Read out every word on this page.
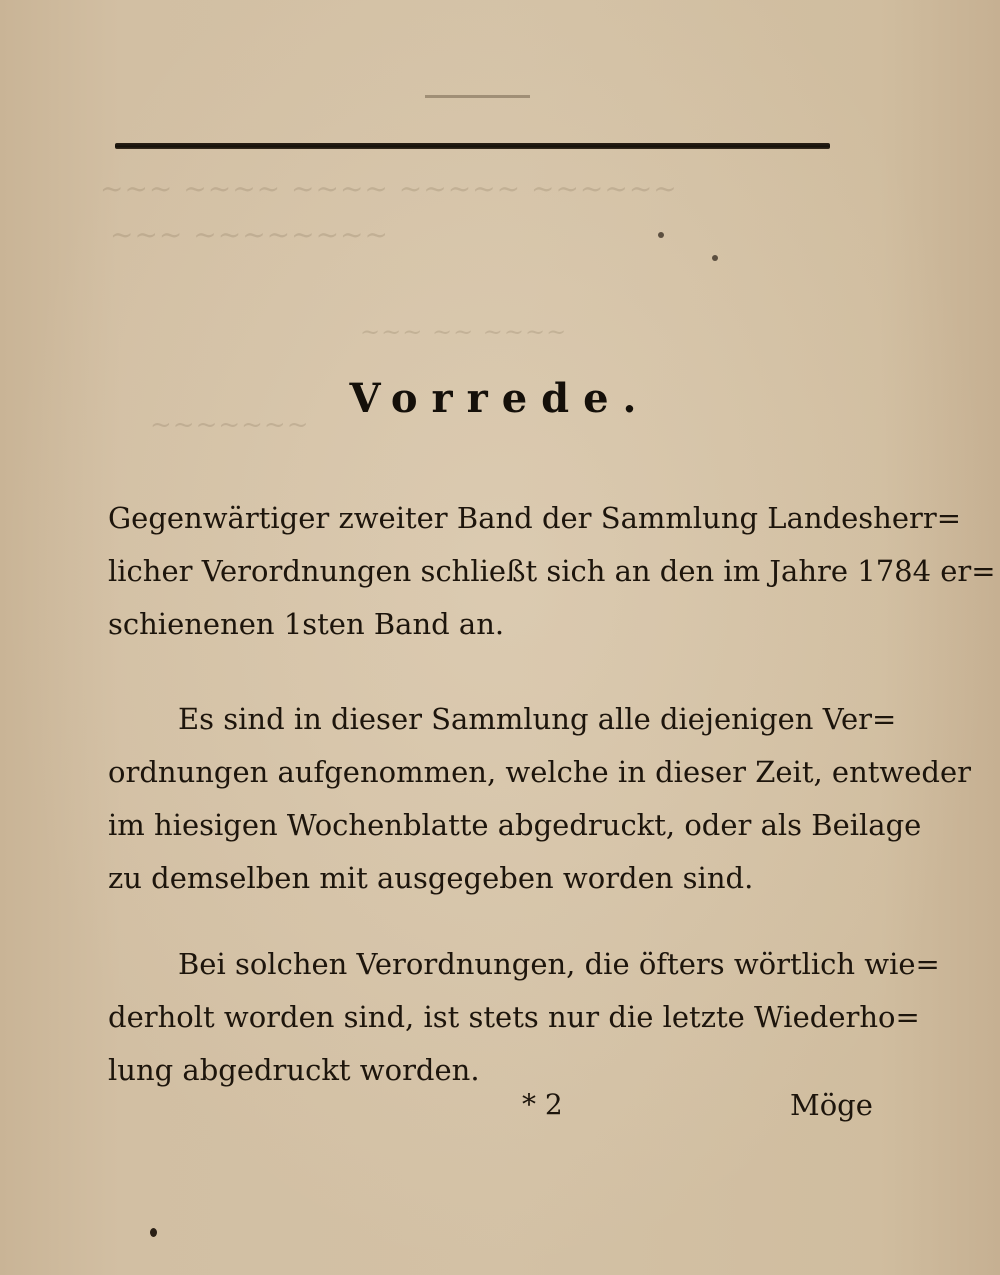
~~~ ~~~~ ~~~~ ~~~~~ ~~~~~~
~~~ ~~~~~~~~
~~~ ~~ ~~~~
~~~~~~~
Vorrede.

Gegenwärtiger zweiter Band der Sammlung Landesherr=
licher Verordnungen schließt sich an den im Jahre 1784 er=
schienenen 1sten Band an.

Es sind in dieser Sammlung alle diejenigen Ver=
ordnungen aufgenommen, welche in dieser Zeit, entweder
im hiesigen Wochenblatte abgedruckt, oder als Beilage
zu demselben mit ausgegeben worden sind.

Bei solchen Verordnungen, die öfters wörtlich wie=
derholt worden sind, ist stets nur die letzte Wiederho=
lung abgedruckt worden.

* 2	Möge
